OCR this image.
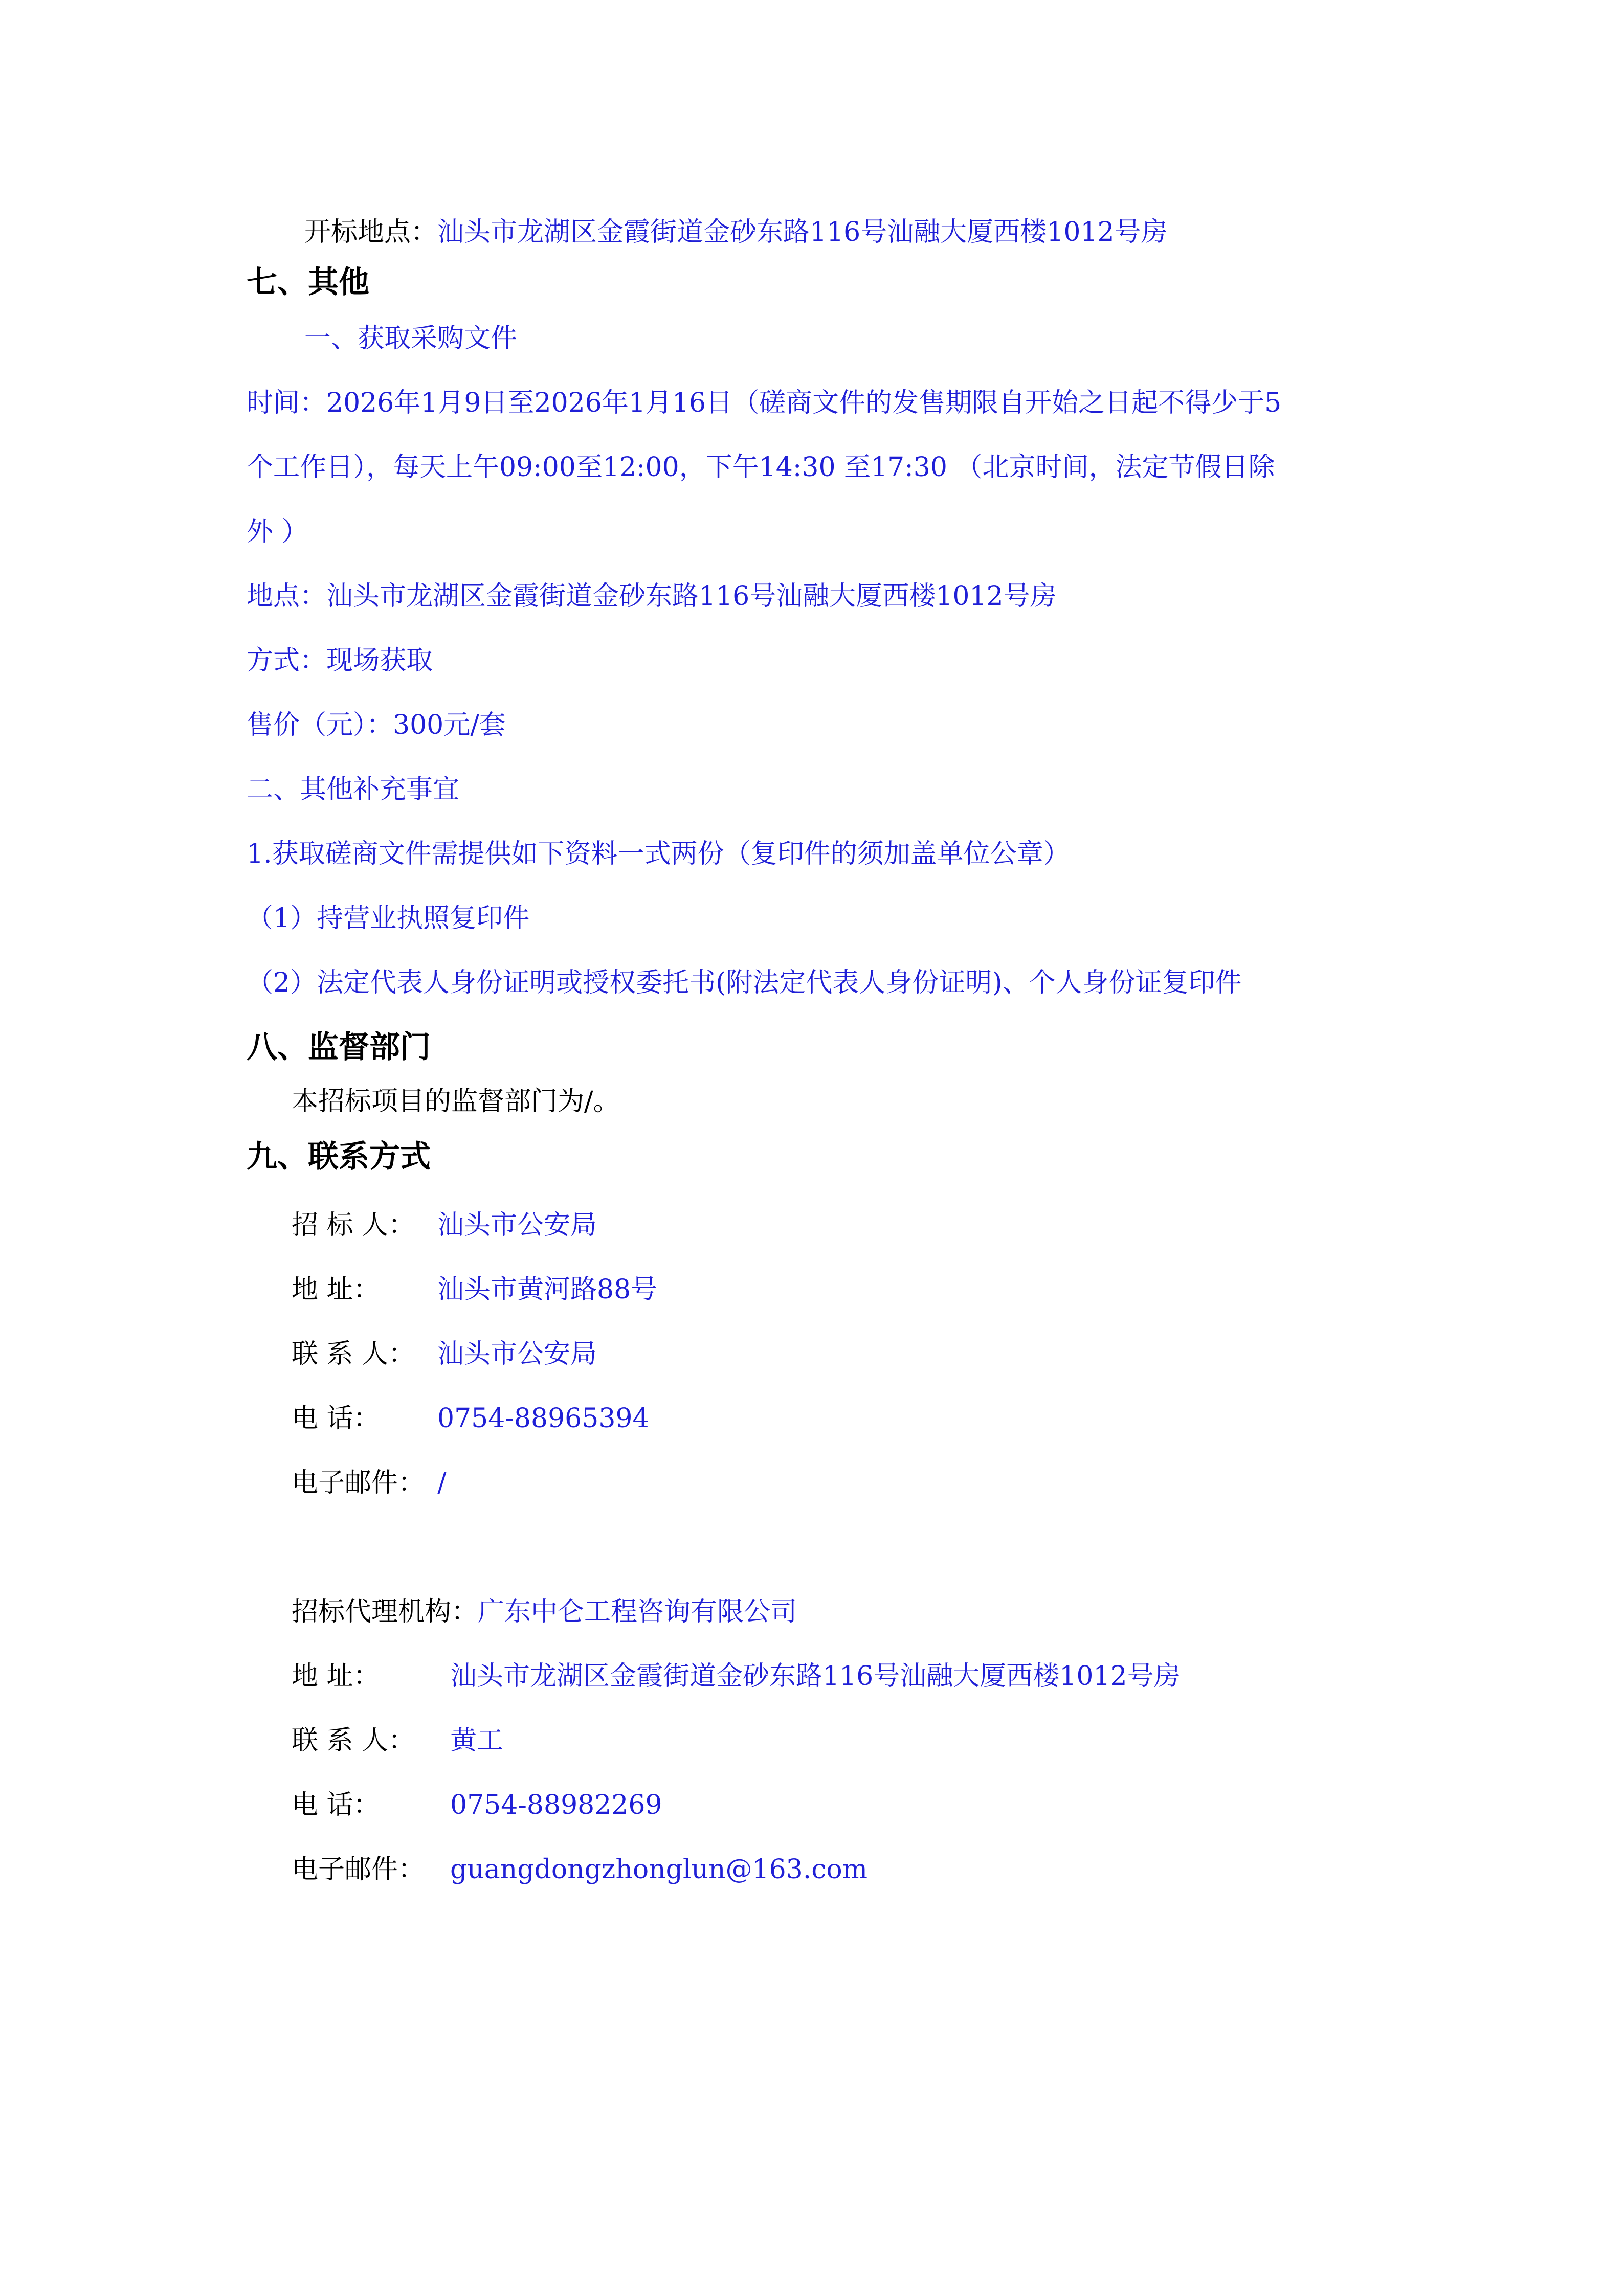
开标地点：汕头市龙湖区金霞街道金砂东路116号汕融大厦西楼1012号房
七、其他
一、获取采购文件
时间：2026年1月9日至2026年1月16日（磋商文件的发售期限自开始之日起不得少于5
个工作日），每天上午09:00至12:00，下午14:30 至17:30 （北京时间，法定节假日除
外 ）
地点：汕头市龙湖区金霞街道金砂东路116号汕融大厦西楼1012号房
方式：现场获取
售价（元）：300元/套
二、其他补充事宜
1.获取磋商文件需提供如下资料一式两份（复印件的须加盖单位公章）
（1）持营业执照复印件
（2）法定代表人身份证明或授权委托书(附法定代表人身份证明)、个人身份证复印件
八、监督部门
本招标项目的监督部门为/。
九、联系方式
招 标 人： 汕头市公安局
地 址： 汕头市黄河路88号
联 系 人： 汕头市公安局
电 话： 0754-88965394
电子邮件： /
招标代理机构：广东中仑工程咨询有限公司
地 址：	汕头市龙湖区金霞街道金砂东路116号汕融大厦西楼1012号房
联 系 人： 黄工
电 话：	0754-88982269
电子邮件： guangdongzhonglun@163.com
